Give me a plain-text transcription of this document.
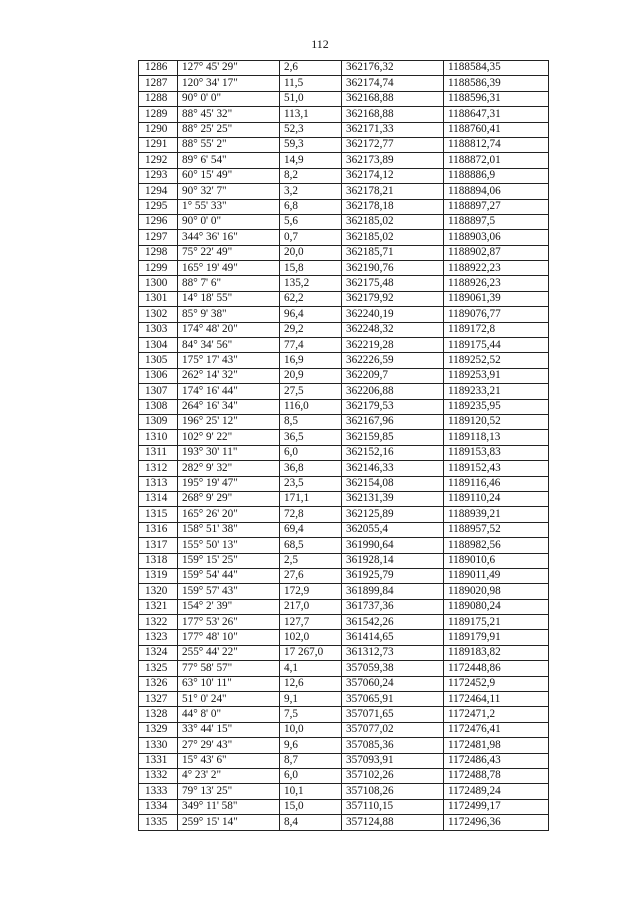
112
1286	127° 45' 29"	2,6	362176,32	1188584,35
1287	120° 34' 17"	11,5	362174,74	1188586,39
1288	90° 0' 0"	51,0	362168,88	1188596,31
1289	88° 45' 32"	113,1	362168,88	1188647,31
1290	88° 25' 25"	52,3	362171,33	1188760,41
1291	88° 55' 2"	59,3	362172,77	1188812,74
1292	89° 6' 54"	14,9	362173,89	1188872,01
1293	60° 15' 49"	8,2	362174,12	1188886,9
1294	90° 32' 7"	3,2	362178,21	1188894,06
1295	1° 55' 33"	6,8	362178,18	1188897,27
1296	90° 0' 0"	5,6	362185,02	1188897,5
1297	344° 36' 16"	0,7	362185,02	1188903,06
1298	75° 22' 49"	20,0	362185,71	1188902,87
1299	165° 19' 49"	15,8	362190,76	1188922,23
1300	88° 7' 6"	135,2	362175,48	1188926,23
1301	14° 18' 55"	62,2	362179,92	1189061,39
1302	85° 9' 38"	96,4	362240,19	1189076,77
1303	174° 48' 20"	29,2	362248,32	1189172,8
1304	84° 34' 56"	77,4	362219,28	1189175,44
1305	175° 17' 43"	16,9	362226,59	1189252,52
1306	262° 14' 32"	20,9	362209,7	1189253,91
1307	174° 16' 44"	27,5	362206,88	1189233,21
1308	264° 16' 34"	116,0	362179,53	1189235,95
1309	196° 25' 12"	8,5	362167,96	1189120,52
1310	102° 9' 22"	36,5	362159,85	1189118,13
1311	193° 30' 11"	6,0	362152,16	1189153,83
1312	282° 9' 32"	36,8	362146,33	1189152,43
1313	195° 19' 47"	23,5	362154,08	1189116,46
1314	268° 9' 29"	171,1	362131,39	1189110,24
1315	165° 26' 20"	72,8	362125,89	1188939,21
1316	158° 51' 38"	69,4	362055,4	1188957,52
1317	155° 50' 13"	68,5	361990,64	1188982,56
1318	159° 15' 25"	2,5	361928,14	1189010,6
1319	159° 54' 44"	27,6	361925,79	1189011,49
1320	159° 57' 43"	172,9	361899,84	1189020,98
1321	154° 2' 39"	217,0	361737,36	1189080,24
1322	177° 53' 26"	127,7	361542,26	1189175,21
1323	177° 48' 10"	102,0	361414,65	1189179,91
1324	255° 44' 22"	17 267,0	361312,73	1189183,82
1325	77° 58' 57"	4,1	357059,38	1172448,86
1326	63° 10' 11"	12,6	357060,24	1172452,9
1327	51° 0' 24"	9,1	357065,91	1172464,11
1328	44° 8' 0"	7,5	357071,65	1172471,2
1329	33° 44' 15"	10,0	357077,02	1172476,41
1330	27° 29' 43"	9,6	357085,36	1172481,98
1331	15° 43' 6"	8,7	357093,91	1172486,43
1332	4° 23' 2"	6,0	357102,26	1172488,78
1333	79° 13' 25"	10,1	357108,26	1172489,24
1334	349° 11' 58"	15,0	357110,15	1172499,17
1335	259° 15' 14"	8,4	357124,88	1172496,36
